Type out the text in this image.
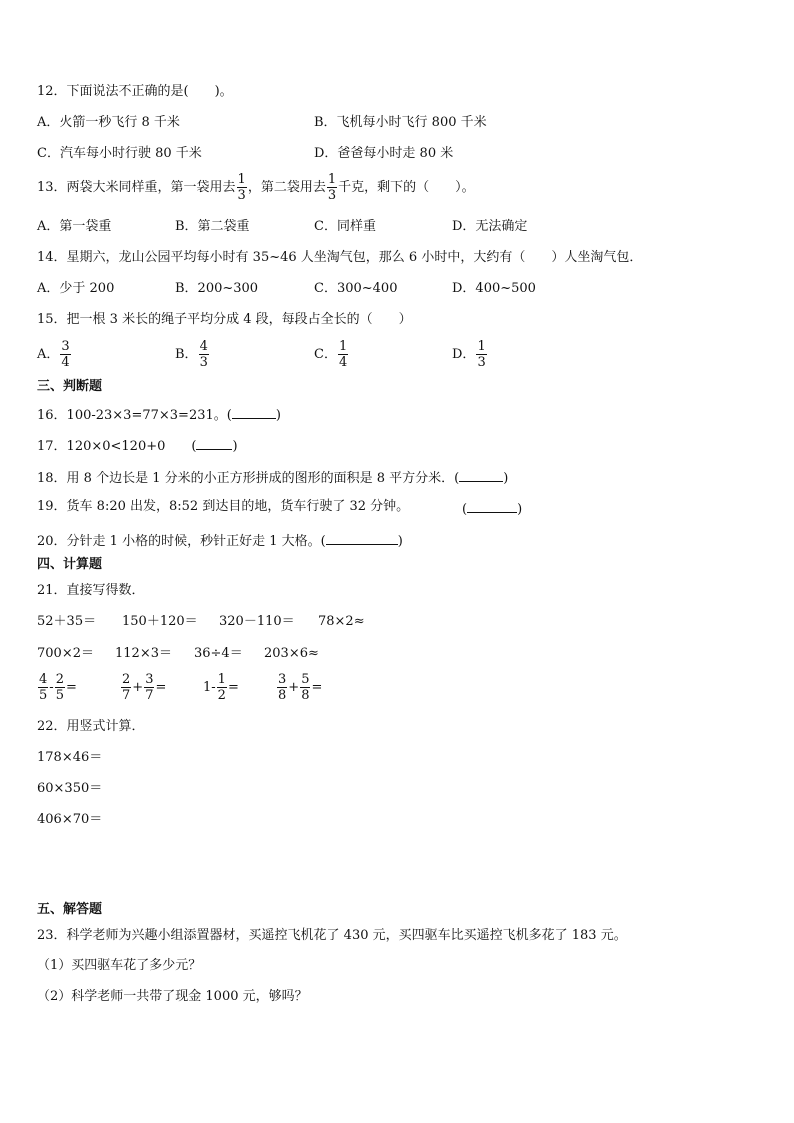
12．下面说法不正确的是(　　)。
A．火箭一秒飞行 8 千米	B．飞机每小时飞行 800 千米
C．汽车每小时行驶 80 千米	D．爸爸每小时走 80 米
13．两袋大米同样重，第一袋用去 $\frac{1}{3}$ ，第二袋用去 $\frac{1}{3}$ 千克，剩下的（　　）。
A．第一袋重	B．第二袋重	C．同样重	D．无法确定
14．星期六，龙山公园平均每小时有 35~46 人坐淘气包，那么 6 小时中，大约有（　　）人坐淘气包．
A．少于 200	B．200~300	C．300~400	D．400~500
15．把一根 3 米长的绳子平均分成 4 段，每段占全长的（　　）
A． $\frac{3}{4}$	B． $\frac{4}{3}$	C． $\frac{1}{4}$	D． $\frac{1}{3}$
三、判断题
16．100-23×3=77×3=231。(	)
17．120×0<120+0　　(	)
18．用 8 个边长是 1 分米的小正方形拼成的图形的面积是 8 平方分米．(	)
19．货车 8:20 出发，8:52 到达目的地，货车行驶了 32 分钟。	(	)
20．分针走 1 小格的时候，秒针正好走 1 大格。(	)
四、计算题
21．直接写得数．
52＋35＝ 150＋120＝ 320－110＝ 78×2≈
700×2＝ 112×3＝ 36÷4＝ 203×6≈
$\frac{4}{5} - \frac{2}{5}$ =	$\frac{2}{7} + \frac{3}{7}$ =	$1- \frac{1}{2}$ =	$\frac{3}{8} + \frac{5}{8}$ =
22．用竖式计算．
178×46＝
60×350＝
406×70＝
五、解答题
23．科学老师为兴趣小组添置器材，买遥控飞机花了 430 元，买四驱车比买遥控飞机多花了 183 元。
（1）买四驱车花了多少元？
（2）科学老师一共带了现金 1000 元，够吗？
